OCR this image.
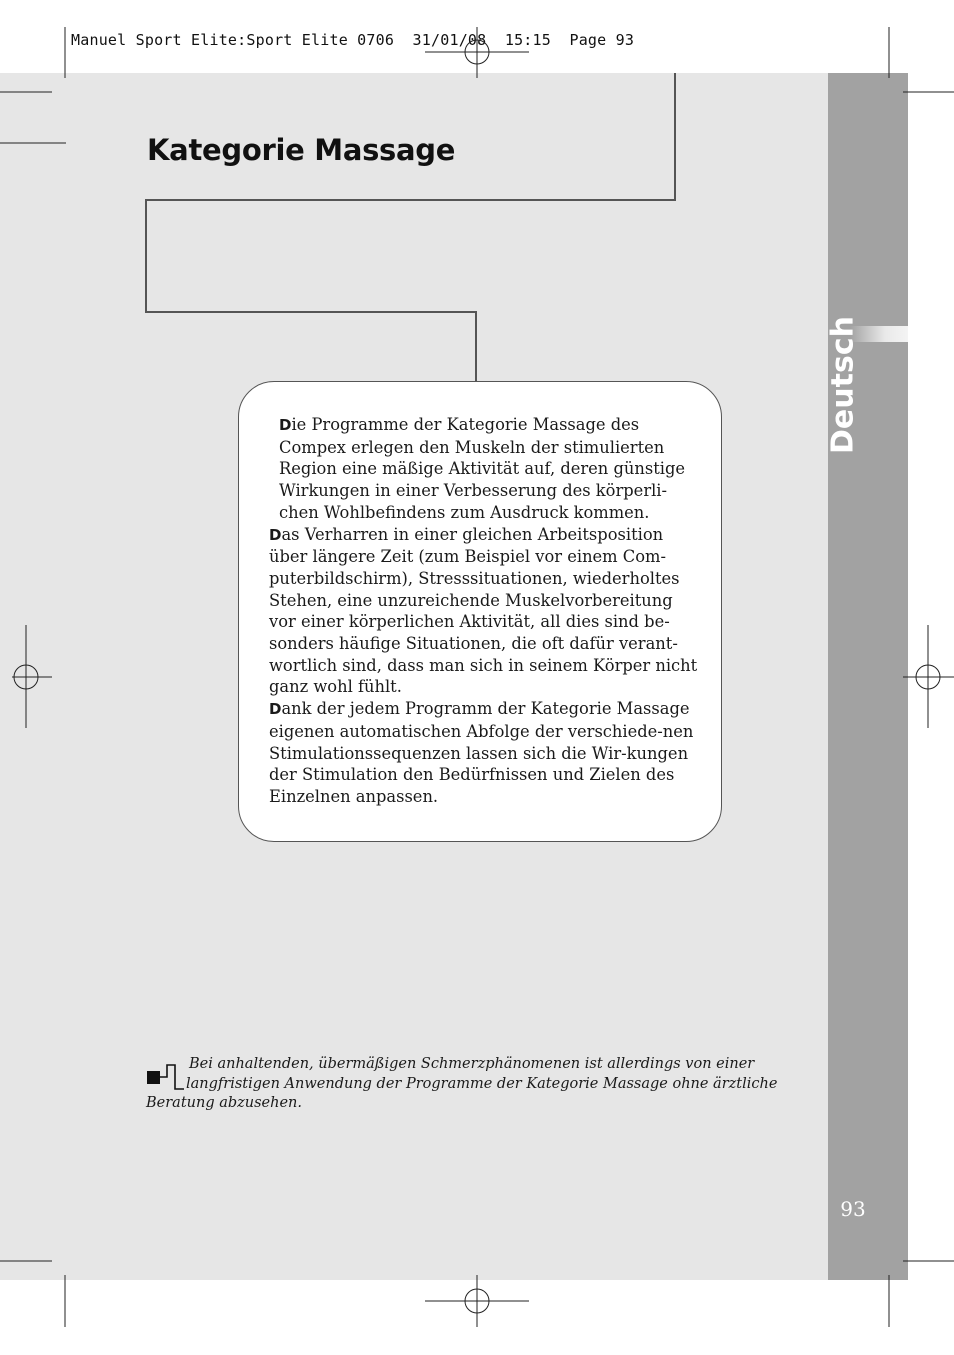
Deutsch
93
Manuel Sport Elite:Sport Elite 0706  31/01/08  15:15  Page 93
Kategorie Massage

Die Programme der Kategorie Massage des Compex erlegen den Muskeln der stimulierten Region eine mäßige Aktivität auf, deren günstige Wirkungen in einer Verbesserung des körperli-chen Wohlbefindens zum Ausdruck kommen.

Das Verharren in einer gleichen Arbeitsposition über längere Zeit (zum Beispiel vor einem Com-puterbildschirm), Stresssituationen, wiederholtes Stehen, eine unzureichende Muskelvorbereitung vor einer körperlichen Aktivität, all dies sind be-sonders häufige Situationen, die oft dafür verant-wortlich sind, dass man sich in seinem Körper nicht ganz wohl fühlt.

Dank der jedem Programm der Kategorie Massage eigenen automatischen Abfolge der verschiede-nen Stimulationssequenzen lassen sich die Wir-kungen der Stimulation den Bedürfnissen und Zielen des Einzelnen anpassen.

Bei anhaltenden, übermäßigen Schmerzphänomenen ist allerdings von einer langfristigen Anwendung der Programme der Kategorie Massage ohne ärztliche Beratung abzusehen.
